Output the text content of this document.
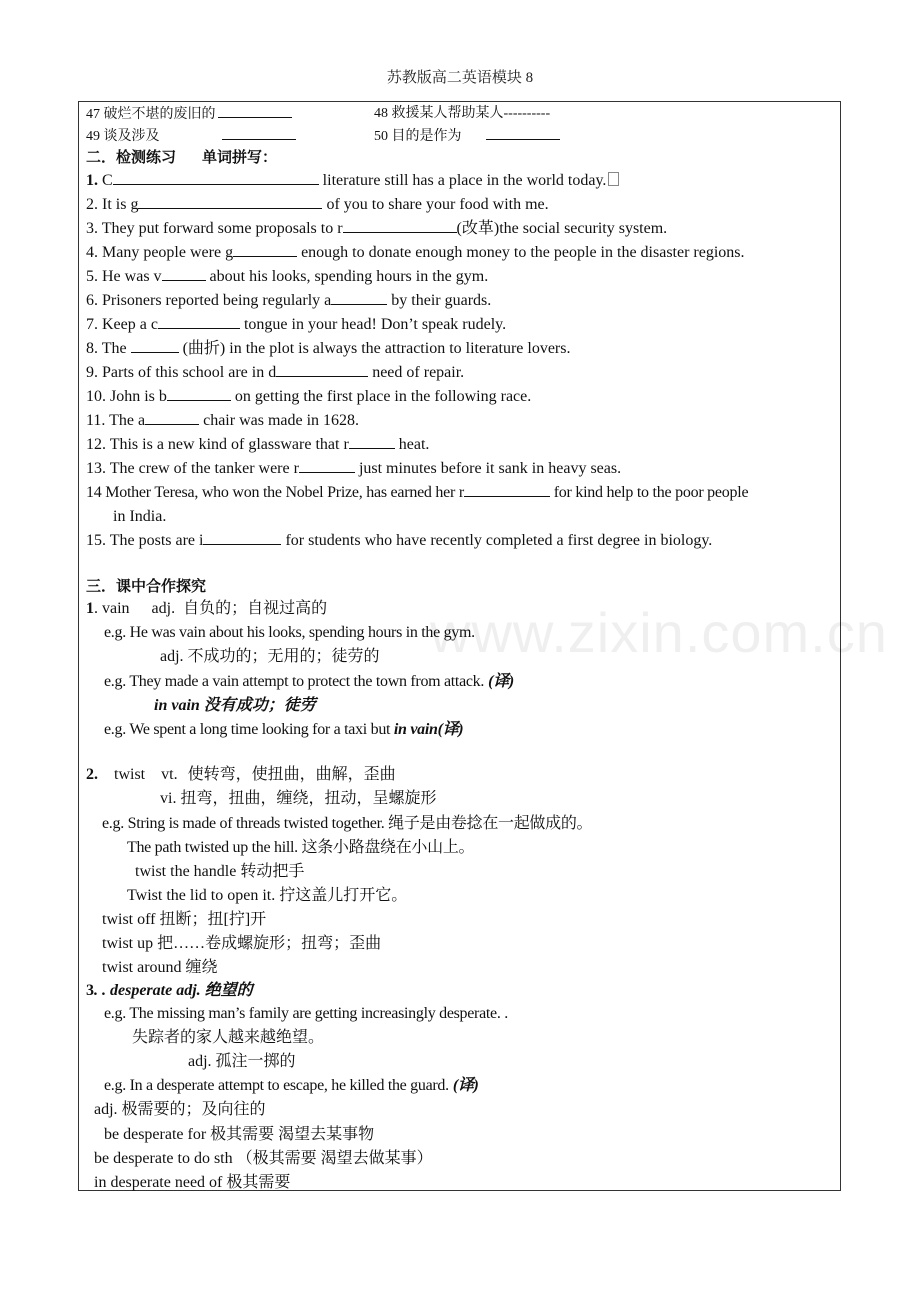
苏教版高二英语模块 8
www.zixin.com.cn
47 破烂不堪的废旧的	48 救援某人帮助某人----------
49 谈及涉及	50 目的是作为
二．检测练习 单词拼写：
1. C	literature still has a place in the world today.
2. It is g	of you to share your food with me.
3. They put forward some proposals to r	(改革)the social security system.
4. Many people were g	enough to donate enough money to the people in the disaster regions.
5. He was v	about his looks, spending hours in the gym.
6. Prisoners reported being regularly a	by their guards.
7. Keep a c	tongue in your head! Don’t speak rudely.
8. The	(曲折) in the plot is always the attraction to literature lovers.
9. Parts of this school are in d	need of repair.
10. John is b	on getting the first place in the following race.
11. The a	chair was made in 1628.
12. This is a new kind of glassware that r	heat.
13. The crew of the tanker were r	just minutes before it sank in heavy seas.
14 Mother Teresa, who won the Nobel Prize, has earned her r	for kind help to the poor people
in India.
15. The posts are i	for students who have recently completed a first degree in biology.
三．课中合作探究
1. vain adj. 自负的；自视过高的
e.g. He was vain about his looks, spending hours in the gym.
adj. 不成功的；无用的；徒劳的
e.g. They made a vain attempt to protect the town from attack. (译)
in vain 没有成功；徒劳
e.g. We spent a long time looking for a taxi but in vain(译)
2. twist vt. 使转弯，使扭曲，曲解，歪曲
vi. 扭弯，扭曲，缠绕，扭动，呈螺旋形
e.g. String is made of threads twisted together. 绳子是由卷捻在一起做成的。
The path twisted up the hill. 这条小路盘绕在小山上。
twist the handle 转动把手
Twist the lid to open it. 拧这盖儿打开它。
twist off 扭断；扭[拧]开
twist up 把……卷成螺旋形；扭弯；歪曲
twist around 缠绕
3. . desperate adj. 绝望的
e.g. The missing man’s family are getting increasingly desperate. .
失踪者的家人越来越绝望。
adj. 孤注一掷的
e.g. In a desperate attempt to escape, he killed the guard. (译)
adj. 极需要的；及向往的
be desperate for 极其需要 渴望去某事物
be desperate to do sth （极其需要 渴望去做某事）
in desperate need of 极其需要
